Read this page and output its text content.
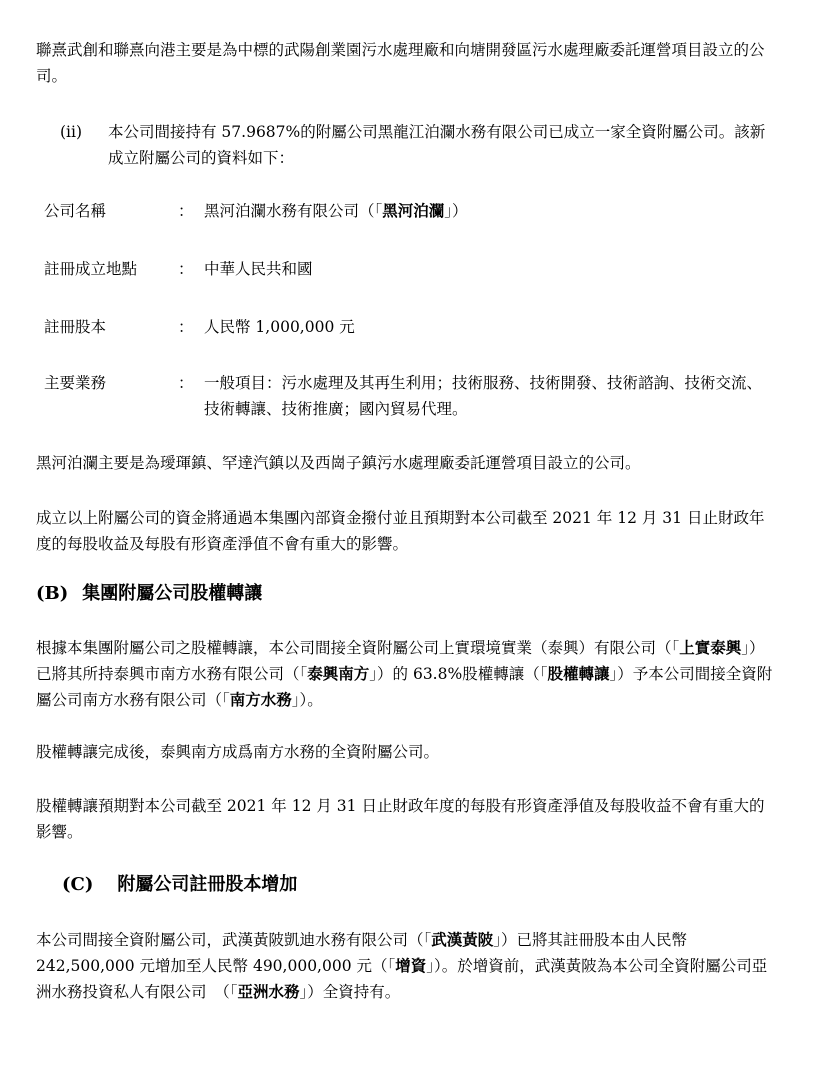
聯熹武創和聯熹向港主要是為中標的武陽創業園污水處理廠和向塘開發區污水處理廠委託運營項目設立的公司。

(ii) 本公司間接持有 57.9687%的附屬公司黑龍江泊瀾水務有限公司已成立一家全資附屬公司。該新成立附屬公司的資料如下：
公司名稱	： 黑河泊瀾水務有限公司（「黑河泊瀾」）
註冊成立地點	： 中華人民共和國
註冊股本	： 人民幣 1,000,000 元
主要業務	： 一般項目：污水處理及其再生利用；技術服務、技術開發、技術諮詢、技術交流、技術轉讓、技術推廣；國內貿易代理。

黑河泊瀾主要是為璦琿鎮、罕達汽鎮以及西崗子鎮污水處理廠委託運營項目設立的公司。

成立以上附屬公司的資金將通過本集團內部資金撥付並且預期對本公司截至 2021 年 12 月 31 日止財政年度的每股收益及每股有形資產淨值不會有重大的影響。

(B) 集團附屬公司股權轉讓

根據本集團附屬公司之股權轉讓，本公司間接全資附屬公司上實環境實業（泰興）有限公司（「上實泰興」）已將其所持泰興市南方水務有限公司（「泰興南方」）的 63.8%股權轉讓（「股權轉讓」）予本公司間接全資附屬公司南方水務有限公司（「南方水務」）。

股權轉讓完成後，泰興南方成爲南方水務的全資附屬公司。

股權轉讓預期對本公司截至 2021 年 12 月 31 日止財政年度的每股有形資產淨值及每股收益不會有重大的影響。

(C) 附屬公司註冊股本增加

本公司間接全資附屬公司，武漢黃陂凱迪水務有限公司（「武漢黃陂」）已將其註冊股本由人民幣 242,500,000 元增加至人民幣 490,000,000 元（「增資」）。於增資前，武漢黃陂為本公司全資附屬公司亞洲水務投資私人有限公司　（「亞洲水務」）全資持有。
